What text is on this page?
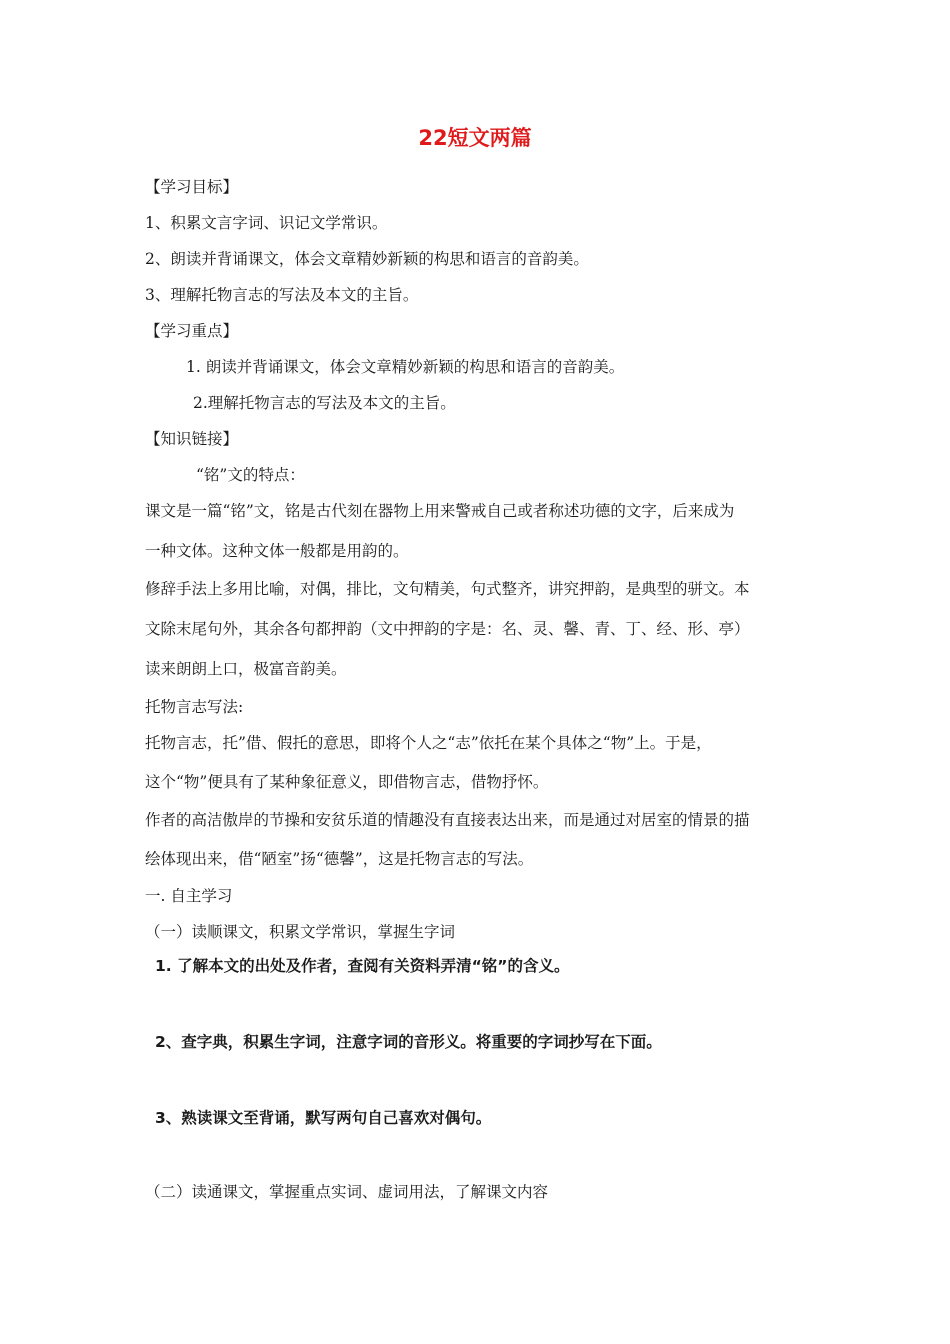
22短文两篇
【学习目标】
1、积累文言字词、识记文学常识。
2、朗读并背诵课文，体会文章精妙新颖的构思和语言的音韵美。
3、理解托物言志的写法及本文的主旨。
【学习重点】
1. 朗读并背诵课文，体会文章精妙新颖的构思和语言的音韵美。
2.理解托物言志的写法及本文的主旨。
【知识链接】
“铭”文的特点：
课文是一篇“铭”文，铭是古代刻在器物上用来警戒自己或者称述功德的文字，后来成为
一种文体。这种文体一般都是用韵的。
修辞手法上多用比喻，对偶，排比，文句精美，句式整齐，讲究押韵，是典型的骈文。本
文除末尾句外，其余各句都押韵（文中押韵的字是：名、灵、馨、青、丁、经、形、亭）
读来朗朗上口，极富音韵美。
托物言志写法:
托物言志，托”借、假托的意思，即将个人之“志”依托在某个具体之“物”上。于是，
这个“物”便具有了某种象征意义，即借物言志，借物抒怀。
作者的高洁傲岸的节操和安贫乐道的情趣没有直接表达出来，而是通过对居室的情景的描
绘体现出来，借“陋室”扬“德馨”，这是托物言志的写法。
一. 自主学习
（一）读顺课文，积累文学常识，掌握生字词
1. 了解本文的出处及作者，查阅有关资料弄清“铭”的含义。
2、查字典，积累生字词，注意字词的音形义。将重要的字词抄写在下面。
3、熟读课文至背诵，默写两句自己喜欢对偶句。
（二）读通课文，掌握重点实词、虚词用法，了解课文内容
